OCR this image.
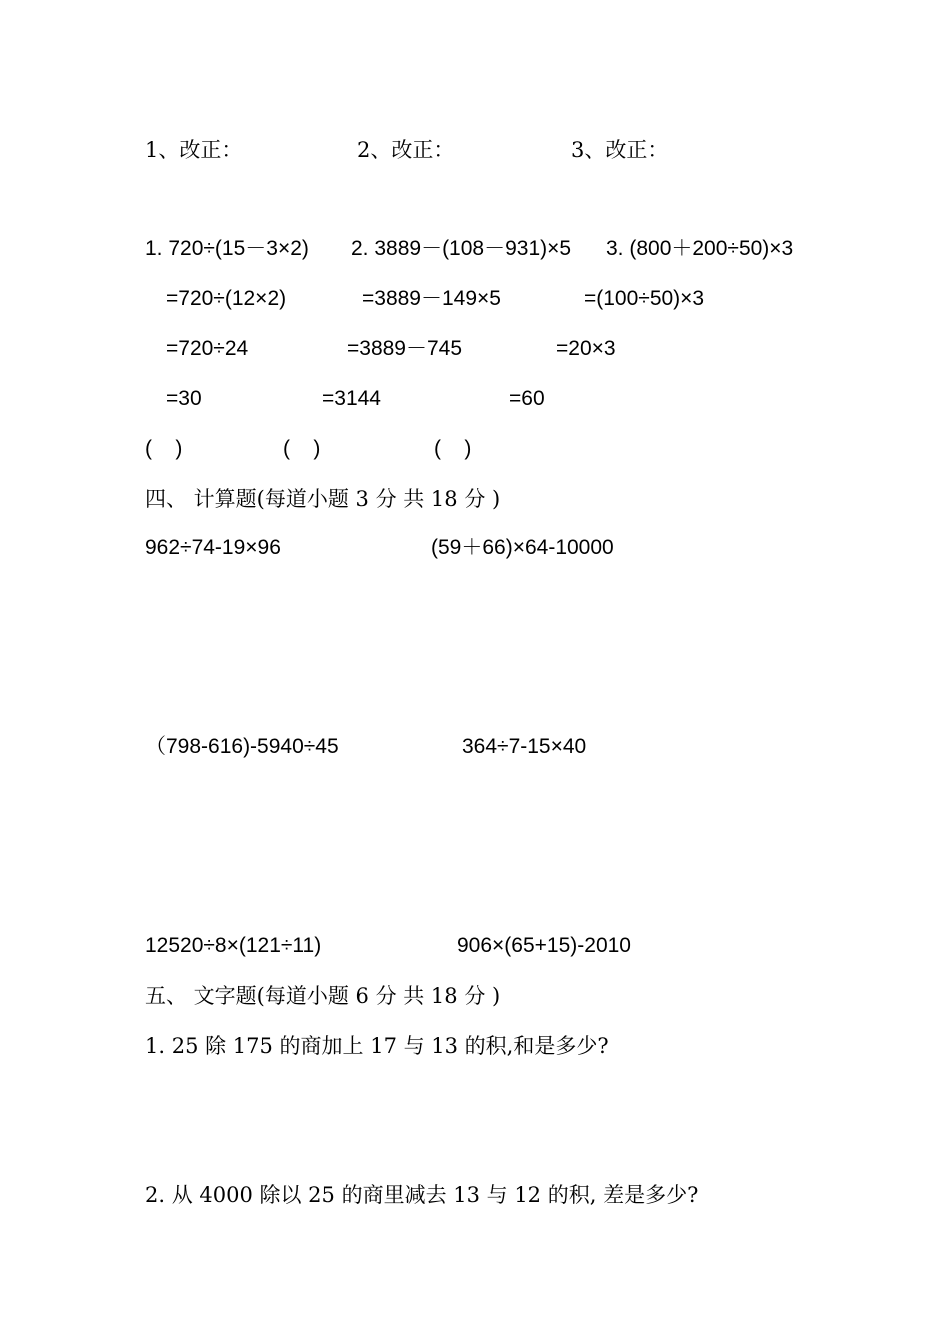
1、改正：	2、改正：	3、改正：
1. 720÷(15－3×2) 2. 3889－(108－931)×5 3. (800＋200÷50)×3
=720÷(12×2)	=3889－149×5	=(100÷50)×3
=720÷24	=3889－745	=20×3
=30	=3144	=60
(    )	(    )	(    )
四、 计算题(每道小题 3 分 共 18 分 )
962÷74-19×96	(59＋66)×64-10000
（798-616)-5940÷45	364÷7-15×40
12520÷8×(121÷11)	906×(65+15)-2010
五、 文字题(每道小题 6 分 共 18 分 )
1. 25 除 175 的商加上 17 与 13 的积,和是多少?
2. 从 4000 除以 25 的商里减去 13 与 12 的积, 差是多少?
